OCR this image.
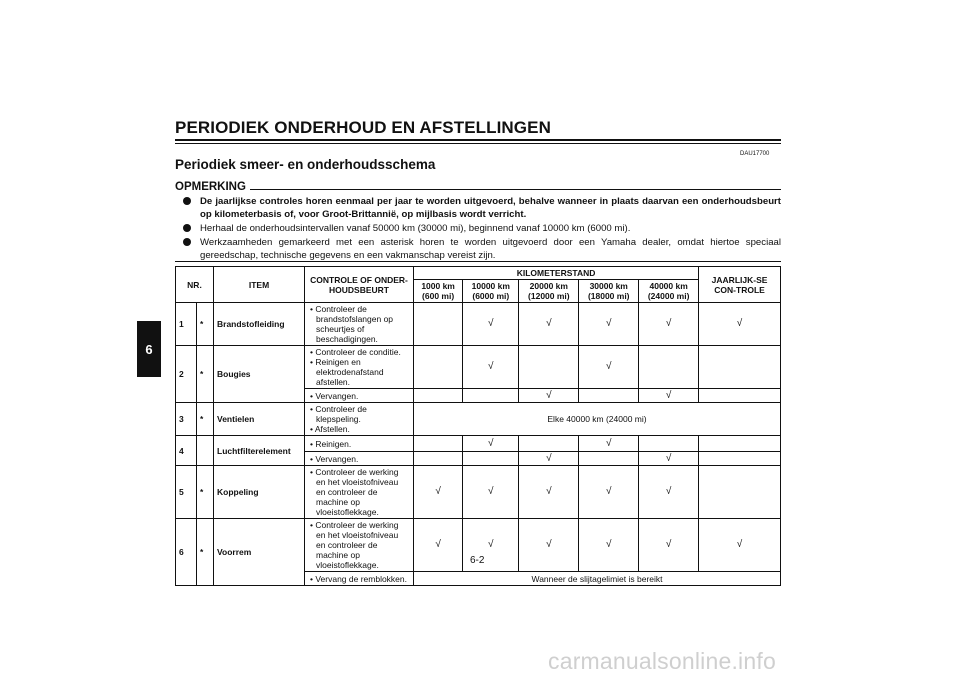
PERIODIEK ONDERHOUD EN AFSTELLINGEN
DAU17700
Periodiek smeer- en onderhoudsschema
OPMERKING
De jaarlijkse controles horen eenmaal per jaar te worden uitgevoerd, behalve wanneer in plaats daarvan een onderhoudsbeurt op kilometerbasis of, voor Groot-Brittannië, op mijlbasis wordt verricht.
Herhaal de onderhoudsintervallen vanaf 50000 km (30000 mi), beginnend vanaf 10000 km (6000 mi).
Werkzaamheden gemarkeerd met een asterisk horen te worden uitgevoerd door een Yamaha dealer, omdat hiertoe speciaal gereedschap, technische gegevens en een vakmanschap vereist zijn.
6
NR.		ITEM	CONTROLE OF ONDER-HOUDSBEURT	KILOMETERSTAND					JAARLIJK-SE CON-TROLE
				1000 km (600 mi)	10000 km (6000 mi)	20000 km (12000 mi)	30000 km (18000 mi)	40000 km (24000 mi)	
1	*	Brandstofleiding	• Controleer de brandstofslangen op scheurtjes of beschadigingen.		√	√	√	√	√
2	*	Bougies	• Controleer de conditie.
• Reinigen en elektrodenafstand afstellen.		√		√		

			• Vervangen.			√		√	
3	*	Ventielen	• Controleer de klepspeling.
• Afstellen.	Elke 40000 km (24000 mi)					
4		Luchtfilterelement	• Reinigen.		√		√		

			• Vervangen.			√		√	
5	*	Koppeling	• Controleer de werking en het vloeistofniveau en controleer de machine op vloeistoflekkage.	√	√	√	√	√	
6	*	Voorrem	• Controleer de werking en het vloeistofniveau en controleer de machine op vloeistoflekkage.	√	√	√	√	√	√

			• Vervang de remblokken.	Wanneer de slijtagelimiet is bereikt					
6-2
carmanualsonline.info
